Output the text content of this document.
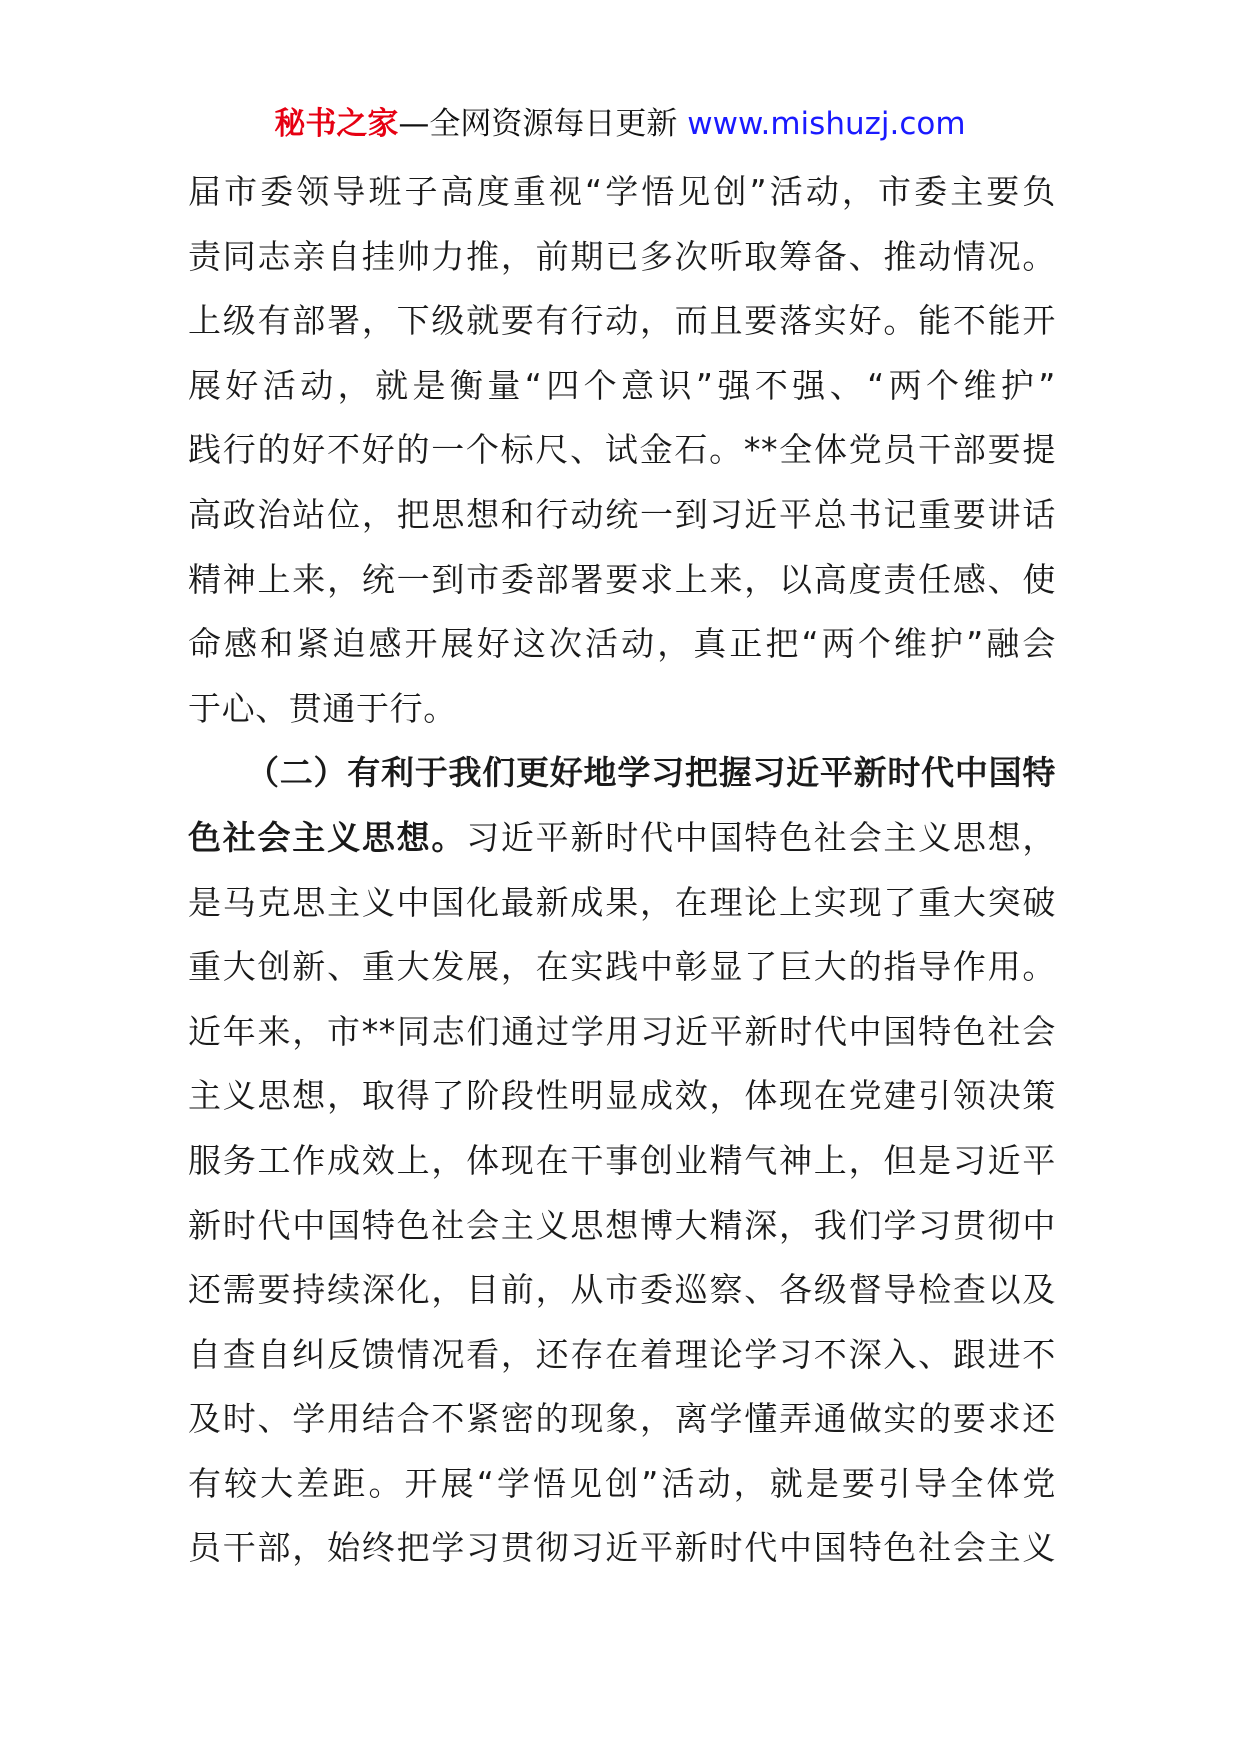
秘书之家—全网资源每日更新 www.mishuzj.com
届市委领导班子高度重视“学悟见创”活动，市委主要负
责同志亲自挂帅力推，前期已多次听取筹备、推动情况。
上级有部署，下级就要有行动，而且要落实好。能不能开
展好活动，就是衡量“四个意识”强不强、“两个维护”
践行的好不好的一个标尺、试金石。**全体党员干部要提
高政治站位，把思想和行动统一到习近平总书记重要讲话
精神上来，统一到市委部署要求上来，以高度责任感、使
命感和紧迫感开展好这次活动，真正把“两个维护”融会
于心、贯通于行。
（二）有利于我们更好地学习把握习近平新时代中国特
色社会主义思想。习近平新时代中国特色社会主义思想，
是马克思主义中国化最新成果，在理论上实现了重大突破
重大创新、重大发展，在实践中彰显了巨大的指导作用。
近年来，市**同志们通过学用习近平新时代中国特色社会
主义思想，取得了阶段性明显成效，体现在党建引领决策
服务工作成效上，体现在干事创业精气神上，但是习近平
新时代中国特色社会主义思想博大精深，我们学习贯彻中
还需要持续深化，目前，从市委巡察、各级督导检查以及
自查自纠反馈情况看，还存在着理论学习不深入、跟进不
及时、学用结合不紧密的现象，离学懂弄通做实的要求还
有较大差距。开展“学悟见创”活动，就是要引导全体党
员干部，始终把学习贯彻习近平新时代中国特色社会主义
